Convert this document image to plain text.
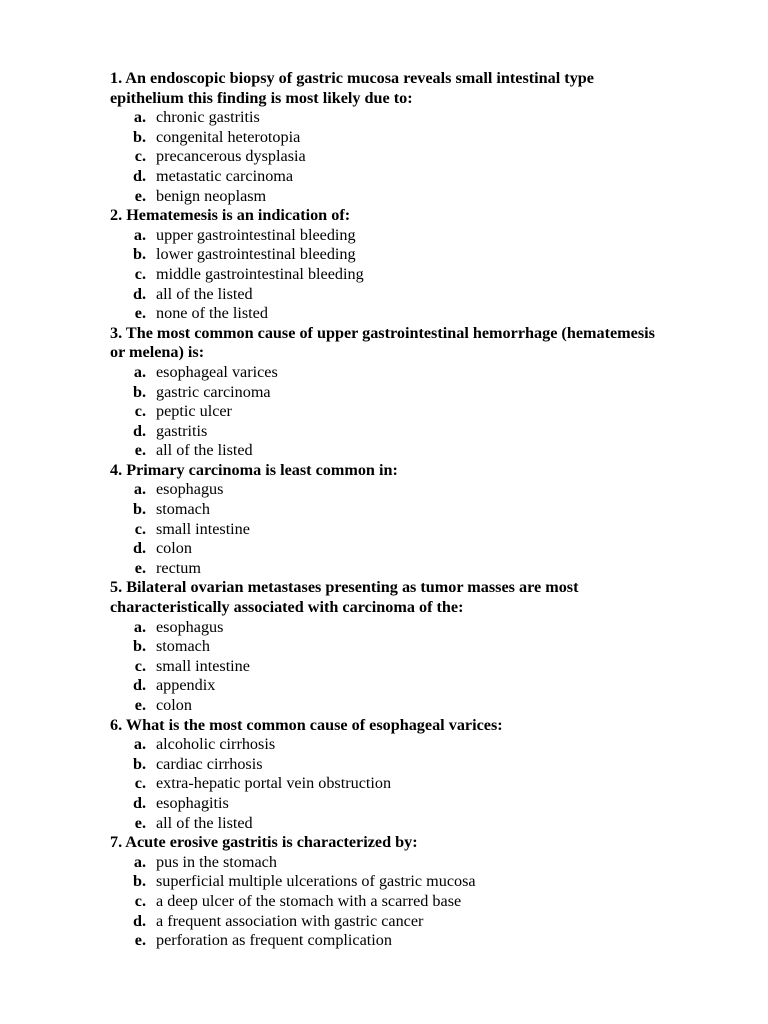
1. An endoscopic biopsy of gastric mucosa reveals small intestinal type epithelium this finding is most likely due to:

a. chronic gastritis
b. congenital heterotopia
c. precancerous dysplasia
d. metastatic carcinoma
e. benign neoplasm

2. Hematemesis is an indication of:

a. upper gastrointestinal bleeding
b. lower gastrointestinal bleeding
c. middle gastrointestinal bleeding
d. all of the listed
e. none of the listed

3. The most common cause of upper gastrointestinal hemorrhage (hematemesis or melena) is:

a. esophageal varices
b. gastric carcinoma
c. peptic ulcer
d. gastritis
e. all of the listed

4. Primary carcinoma is least common in:

a. esophagus
b. stomach
c. small intestine
d. colon
e. rectum

5. Bilateral ovarian metastases presenting as tumor masses are most characteristically associated with carcinoma of the:

a. esophagus
b. stomach
c. small intestine
d. appendix
e. colon

6. What is the most common cause of esophageal varices:

a. alcoholic cirrhosis
b. cardiac cirrhosis
c. extra-hepatic portal vein obstruction
d. esophagitis
e. all of the listed

7. Acute erosive gastritis is characterized by:

a. pus in the stomach
b. superficial multiple ulcerations of gastric mucosa
c. a deep ulcer of the stomach with a scarred base
d. a frequent association with gastric cancer
e. perforation as frequent complication
